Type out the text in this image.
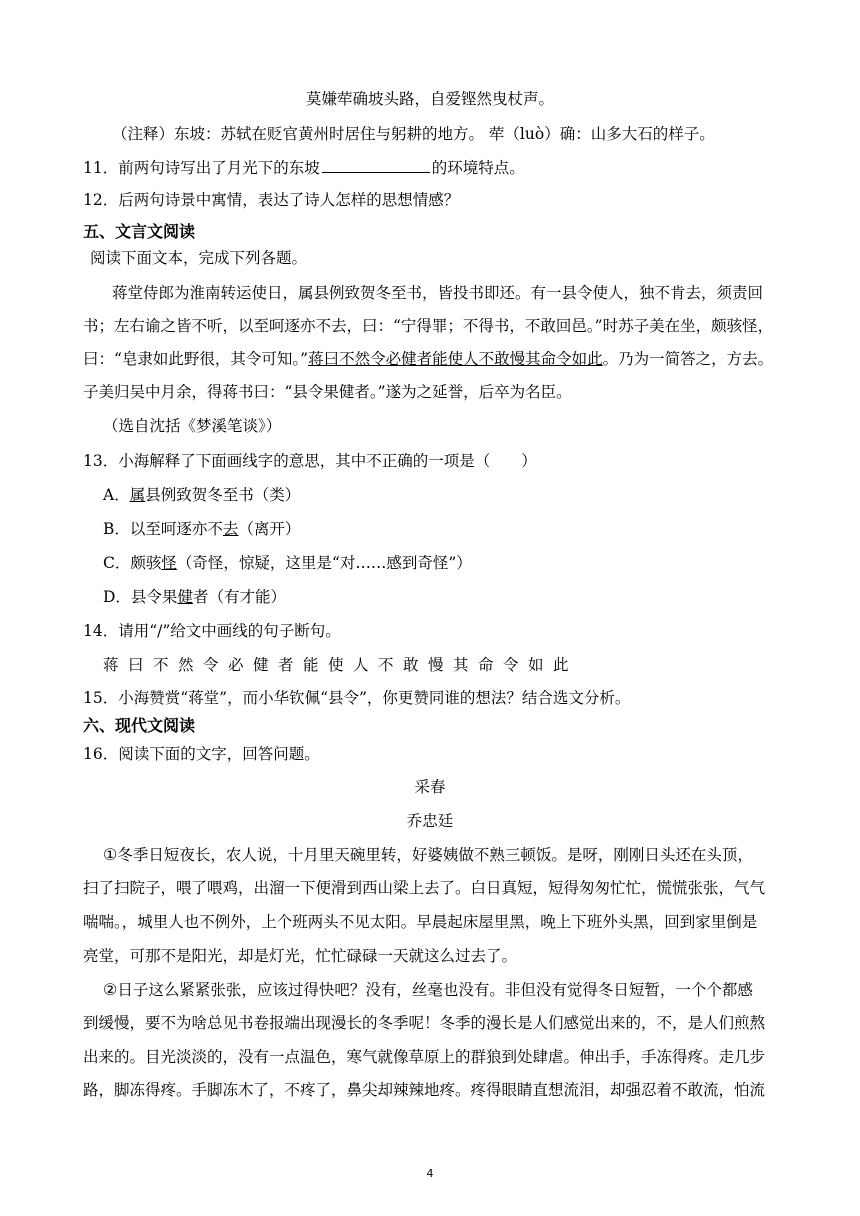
莫嫌荦确坡头路，自爱铿然曳杖声。
（注释）东坡：苏轼在贬官黄州时居住与躬耕的地方。 荦（luò）确：山多大石的样子。
11．前两句诗写出了月光下的东坡	的环境特点。
12．后两句诗景中寓情，表达了诗人怎样的思想情感？
五、文言文阅读
阅读下面文本，完成下列各题。
蒋堂侍郎为淮南转运使日，属县例致贺冬至书，皆投书即还。有一县令使人，独不肯去，须责回
书；左右谕之皆不听，以至呵逐亦不去，曰：“宁得罪；不得书，不敢回邑。”时苏子美在坐，颇骇怪，
曰：“皂隶如此野很，其令可知。”蒋曰不然令必健者能使人不敢慢其命令如此。乃为一简答之，方去。
子美归吴中月余，得蒋书曰：“县令果健者。”遂为之延誉，后卒为名臣。
（选自沈括《梦溪笔谈》）
13．小海解释了下面画线字的意思，其中不正确的一项是（　　）
A．属县例致贺冬至书（类）
B．以至呵逐亦不去（离开）
C．颇骇怪（奇怪，惊疑，这里是“对……感到奇怪”）
D．县令果健者（有才能）
14．请用“/”给文中画线的句子断句。
蒋曰不然令必健者能使人不敢慢其命令如此
15．小海赞赏“蒋堂”，而小华钦佩“县令”，你更赞同谁的想法？结合选文分析。
六、现代文阅读
16．阅读下面的文字，回答问题。
采春
乔忠廷
①冬季日短夜长，农人说，十月里天碗里转，好婆姨做不熟三顿饭。是呀，刚刚日头还在头顶，
扫了扫院子，喂了喂鸡，出溜一下便滑到西山梁上去了。白日真短，短得匆匆忙忙，慌慌张张，气气
喘喘。，城里人也不例外，上个班两头不见太阳。早晨起床屋里黑，晚上下班外头黑，回到家里倒是
亮堂，可那不是阳光，却是灯光，忙忙碌碌一天就这么过去了。
②日子这么紧紧张张，应该过得快吧？没有，丝毫也没有。非但没有觉得冬日短暂，一个个都感
到缓慢，要不为啥总见书卷报端出现漫长的冬季呢！冬季的漫长是人们感觉出来的，不，是人们煎熬
出来的。目光淡淡的，没有一点温色，寒气就像草原上的群狼到处肆虐。伸出手，手冻得疼。走几步
路，脚冻得疼。手脚冻木了，不疼了，鼻尖却辣辣地疼。疼得眼睛直想流泪，却强忍着不敢流，怕流
4
